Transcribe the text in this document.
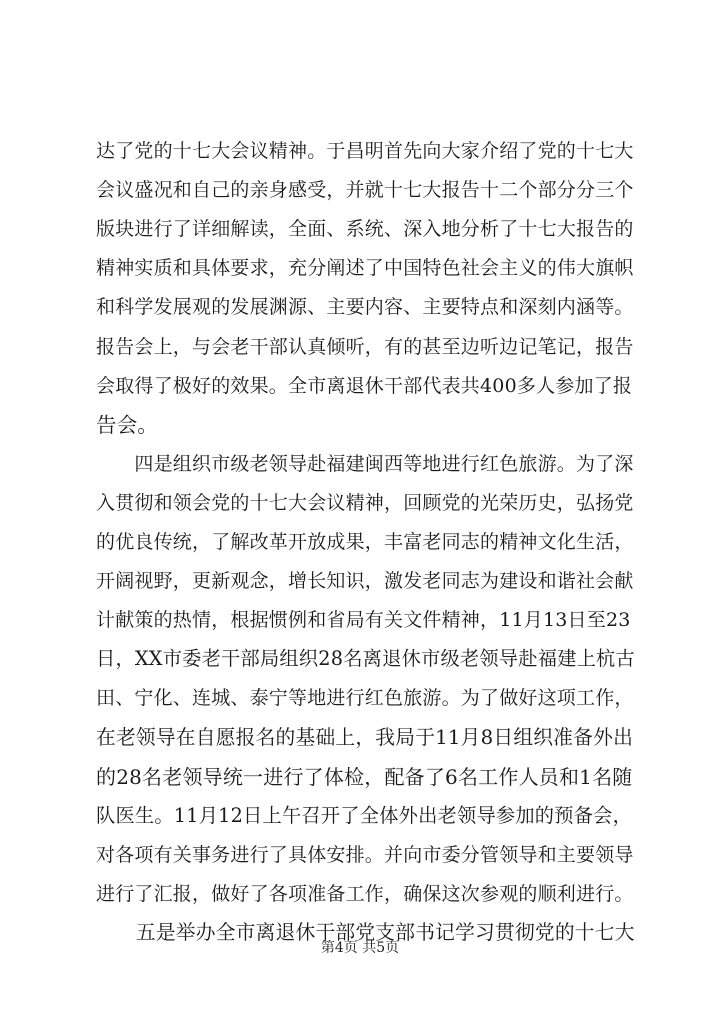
达了党的十七大会议精神。于昌明首先向大家介绍了党的十七大
会议盛况和自己的亲身感受，并就十七大报告十二个部分分三个
版块进行了详细解读，全面、系统、深入地分析了十七大报告的
精神实质和具体要求，充分阐述了中国特色社会主义的伟大旗帜
和科学发展观的发展渊源、主要内容、主要特点和深刻内涵等。
报告会上，与会老干部认真倾听，有的甚至边听边记笔记，报告
会取得了极好的效果。全市离退休干部代表共400多人参加了报
告会。
　　四是组织市级老领导赴福建闽西等地进行红色旅游。为了深
入贯彻和领会党的十七大会议精神，回顾党的光荣历史，弘扬党
的优良传统，了解改革开放成果，丰富老同志的精神文化生活，
开阔视野，更新观念，增长知识，激发老同志为建设和谐社会献
计献策的热情，根据惯例和省局有关文件精神，11月13日至23
日，XX市委老干部局组织28名离退休市级老领导赴福建上杭古
田、宁化、连城、泰宁等地进行红色旅游。为了做好这项工作，
在老领导在自愿报名的基础上，我局于11月8日组织准备外出
的28名老领导统一进行了体检，配备了6名工作人员和1名随
队医生。11月12日上午召开了全体外出老领导参加的预备会，
对各项有关事务进行了具体安排。并向市委分管领导和主要领导
进行了汇报，做好了各项准备工作，确保这次参观的顺利进行。
　　五是举办全市离退休干部党支部书记学习贯彻党的十七大
第4页 共5页
